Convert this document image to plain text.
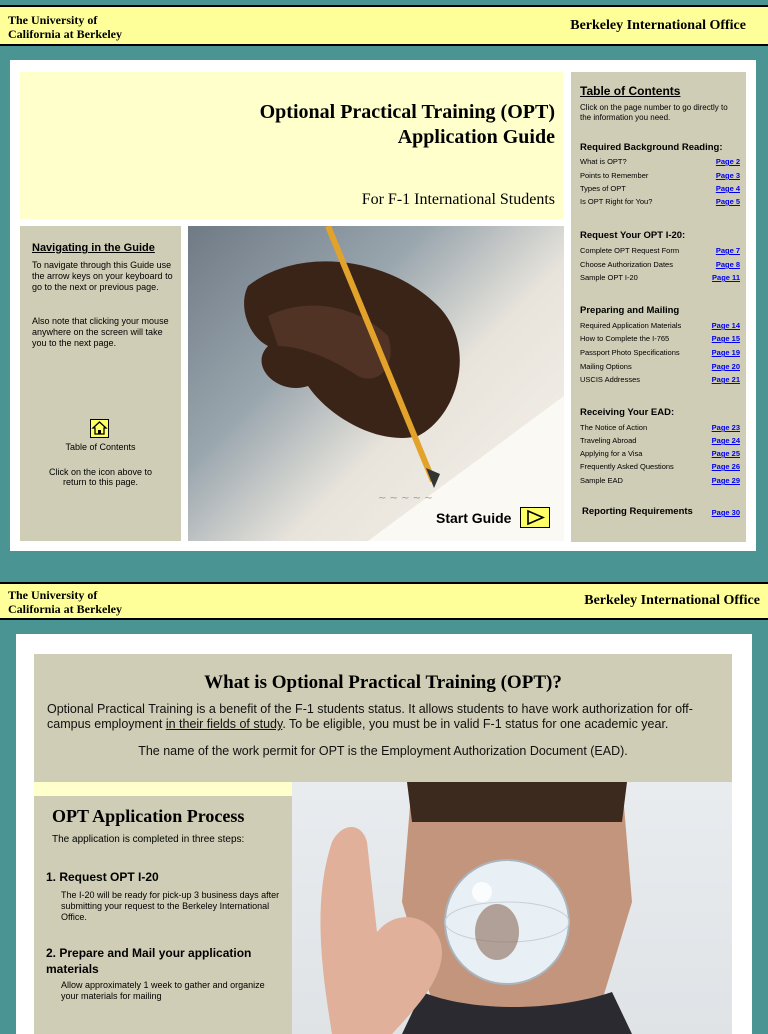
The University of
California at Berkeley
Berkeley International Office
Optional Practical Training (OPT)
Application Guide
For F-1 International Students
Navigating in the Guide
To navigate through this Guide use the arrow keys on your keyboard to go to the next or previous page.
Also note that clicking your mouse anywhere on the screen will take you to the next page.
Table of Contents
Click on the icon above to return to this page.
~ ~ ~ ~ ~
Start Guide
Table of Contents
Click on the page number to go directly to the information you need.
Required Background Reading:
What is OPT?	Page 2
Points to Remember	Page 3
Types of OPT	Page 4
Is OPT Right for You?	Page 5
Request Your OPT I-20:
Complete OPT Request Form	Page 7
Choose Authorization Dates	Page 8
Sample OPT I-20	Page 11
Preparing and Mailing
Required Application Materials	Page 14
How to Complete the I-765	Page 15
Passport Photo Specifications	Page 19
Mailing Options	Page 20
USCIS Addresses	Page 21
Receiving Your EAD:
The Notice of Action	Page 23
Traveling Abroad	Page 24
Applying for a Visa	Page 25
Frequently Asked Questions	Page 26
Sample EAD	Page 29
Reporting Requirements	Page 30
The University of
California at Berkeley
Berkeley International Office
What is Optional Practical Training (OPT)?
Optional Practical Training is a benefit of the F-1 students status. It allows students to have work authorization for off-campus employment in their fields of study. To be eligible, you must be in valid F-1 status for one academic year.
The name of the work permit for OPT is the Employment Authorization Document (EAD).
OPT Application Process
The application is completed in three steps:
1. Request OPT I-20
The I-20 will be ready for pick-up 3 business days after submitting your request to the Berkeley International Office.
2. Prepare and Mail your application materials
Allow approximately 1 week to gather and organize your materials for mailing
